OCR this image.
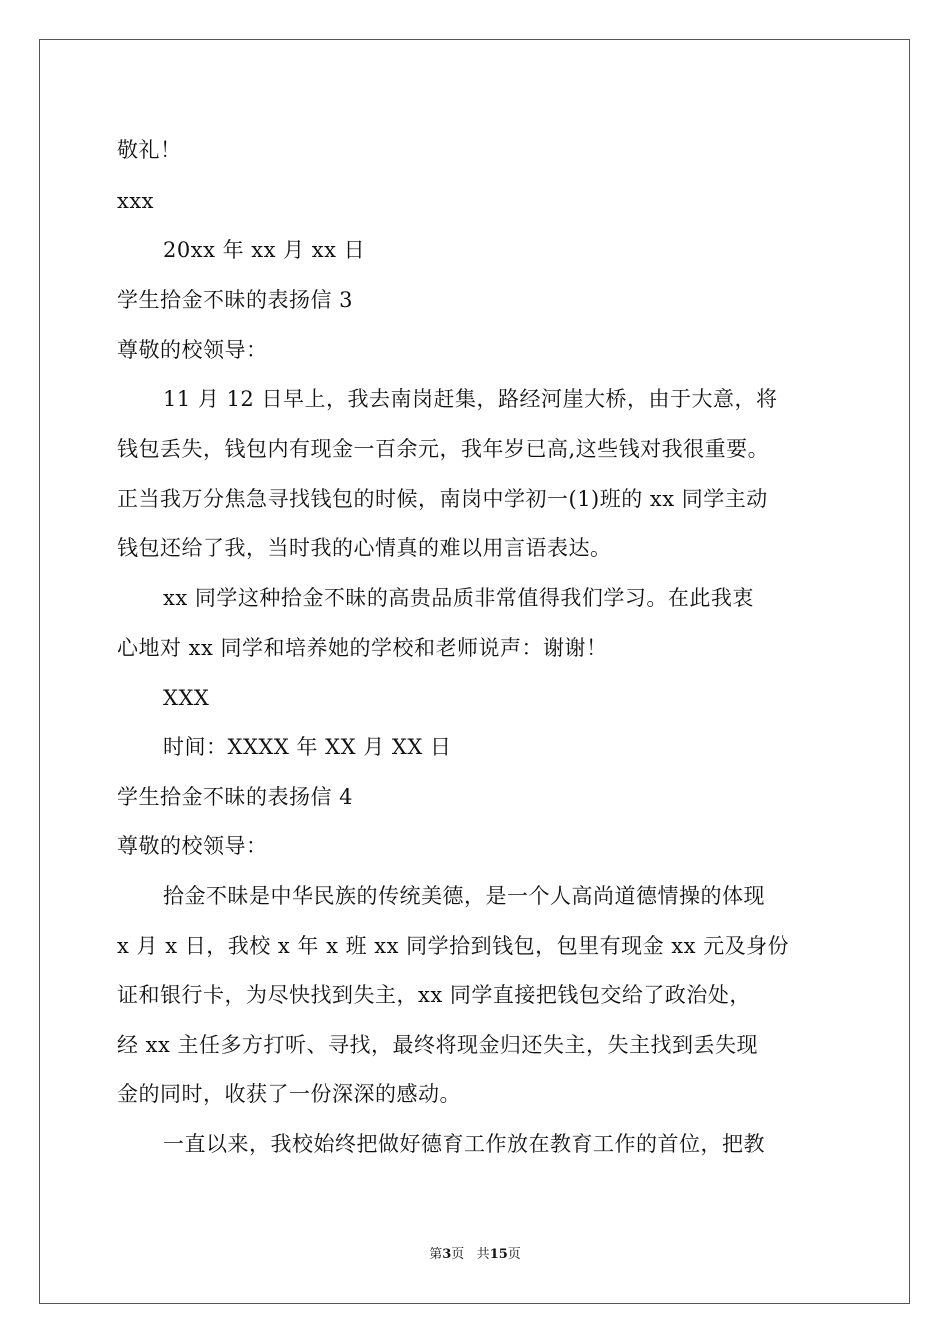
敬礼！
xxx
20xx 年 xx 月 xx 日
学生拾金不昧的表扬信 3
尊敬的校领导：
11 月 12 日早上，我去南岗赶集，路经河崖大桥，由于大意，将
钱包丢失，钱包内有现金一百余元，我年岁已高,这些钱对我很重要。
正当我万分焦急寻找钱包的时候，南岗中学初一(1)班的 xx 同学主动
钱包还给了我，当时我的心情真的难以用言语表达。
xx 同学这种拾金不昧的高贵品质非常值得我们学习。在此我衷
心地对 xx 同学和培养她的学校和老师说声：谢谢！
XXX
时间：XXXX 年 XX 月 XX 日
学生拾金不昧的表扬信 4
尊敬的校领导：
拾金不昧是中华民族的传统美德，是一个人高尚道德情操的体现
x 月 x 日，我校 x 年 x 班 xx 同学拾到钱包，包里有现金 xx 元及身份
证和银行卡，为尽快找到失主，xx 同学直接把钱包交给了政治处，
经 xx 主任多方打听、寻找，最终将现金归还失主，失主找到丢失现
金的同时，收获了一份深深的感动。
一直以来，我校始终把做好德育工作放在教育工作的首位，把教
第3页 共15页
